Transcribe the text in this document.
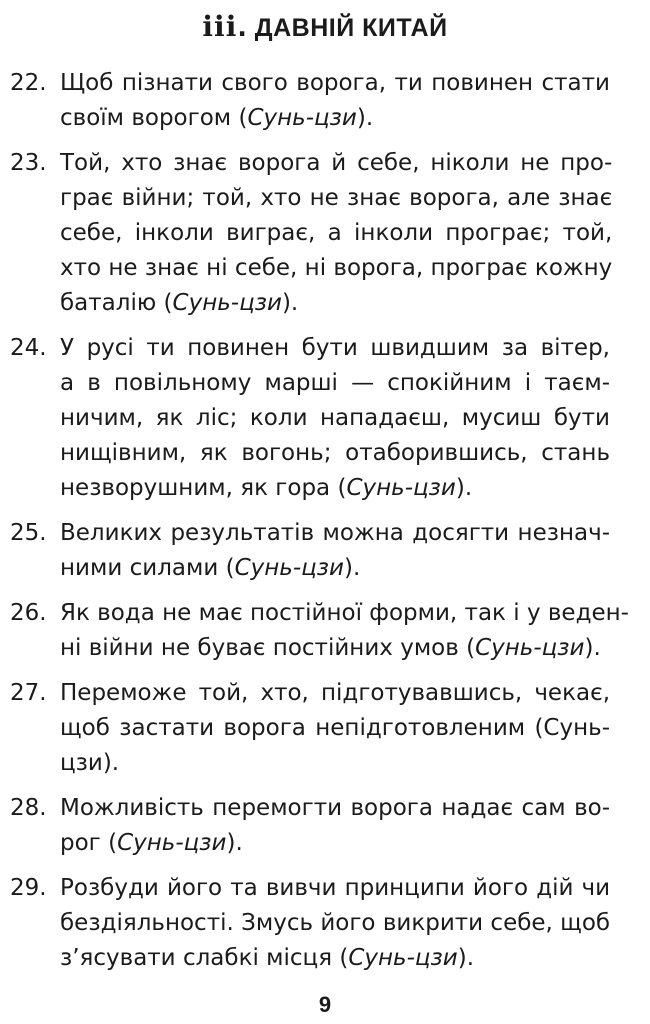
ііі. ДАВНІЙ КИТАЙ
22. Щоб пізнати свого ворога, ти повинен стати
своїм ворогом (Сунь-цзи).
23. Той, хто знає ворога й себе, ніколи не про-
грає війни; той, хто не знає ворога, але знає
себе, інколи виграє, а інколи програє; той,
хто не знає ні себе, ні ворога, програє кожну
баталію (Сунь-цзи).
24. У русі ти повинен бути швидшим за вітер,
а в повільному марші — спокійним і таєм-
ничим, як ліс; коли нападаєш, мусиш бути
нищівним, як вогонь; отаборившись, стань
незворушним, як гора (Сунь-цзи).
25. Великих результатів можна досягти незнач-
ними силами (Сунь-цзи).
26. Як вода не має постійної форми, так і у веден-
ні війни не буває постійних умов (Сунь-цзи).
27. Переможе той, хто, підготувавшись, чекає,
щоб застати ворога непідготовленим (Сунь-
цзи).
28. Можливість перемогти ворога надає сам во-
рог (Сунь-цзи).
29. Розбуди його та вивчи принципи його дій чи
бездіяльності. Змусь його викрити себе, щоб
з’ясувати слабкі місця (Сунь-цзи).
9
